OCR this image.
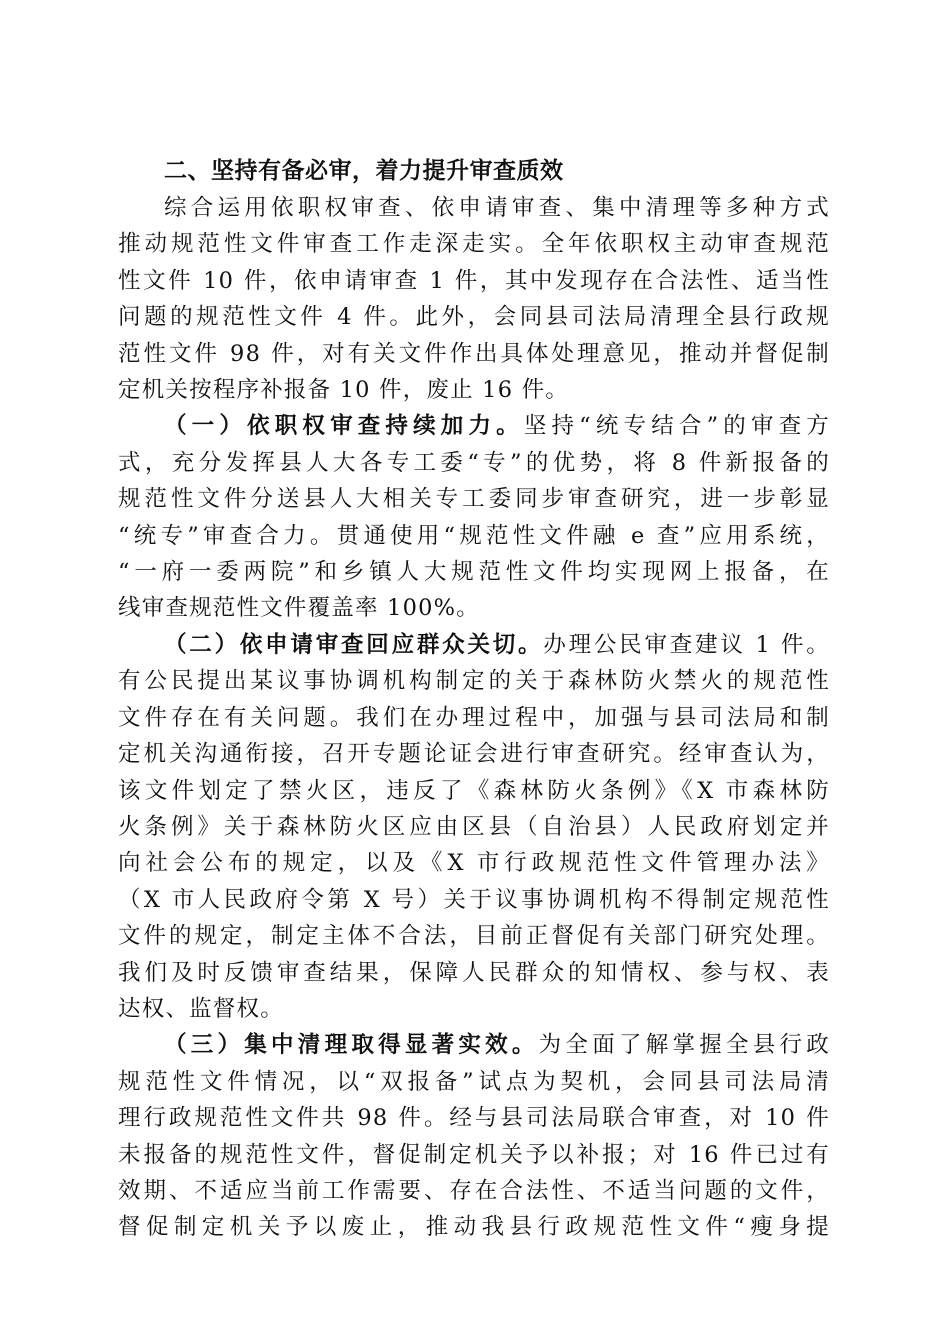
二、坚持有备必审，着力提升审查质效
综合运用依职权审查、依申请审查、集中清理等多种方式
推动规范性文件审查工作走深走实。全年依职权主动审查规范
性文件 10 件，依申请审查 1 件，其中发现存在合法性、适当性
问题的规范性文件 4 件。此外，会同县司法局清理全县行政规
范性文件 98 件，对有关文件作出具体处理意见，推动并督促制
定机关按程序补报备 10 件，废止 16 件。
（一）依职权审查持续加力。坚持“统专结合”的审查方
式，充分发挥县人大各专工委“专”的优势，将 8 件新报备的
规范性文件分送县人大相关专工委同步审查研究，进一步彰显
“统专”审查合力。贯通使用“规范性文件融 e 查”应用系统，
“一府一委两院”和乡镇人大规范性文件均实现网上报备，在
线审查规范性文件覆盖率 100%。
（二）依申请审查回应群众关切。办理公民审查建议 1 件。
有公民提出某议事协调机构制定的关于森林防火禁火的规范性
文件存在有关问题。我们在办理过程中，加强与县司法局和制
定机关沟通衔接，召开专题论证会进行审查研究。经审查认为，
该文件划定了禁火区，违反了《森林防火条例》《X 市森林防
火条例》关于森林防火区应由区县（自治县）人民政府划定并
向社会公布的规定，以及《X 市行政规范性文件管理办法》
（X 市人民政府令第 X 号）关于议事协调机构不得制定规范性
文件的规定，制定主体不合法，目前正督促有关部门研究处理。
我们及时反馈审查结果，保障人民群众的知情权、参与权、表
达权、监督权。
（三）集中清理取得显著实效。为全面了解掌握全县行政
规范性文件情况，以“双报备”试点为契机，会同县司法局清
理行政规范性文件共 98 件。经与县司法局联合审查，对 10 件
未报备的规范性文件，督促制定机关予以补报；对 16 件已过有
效期、不适应当前工作需要、存在合法性、不适当问题的文件，
督促制定机关予以废止，推动我县行政规范性文件“瘦身提
